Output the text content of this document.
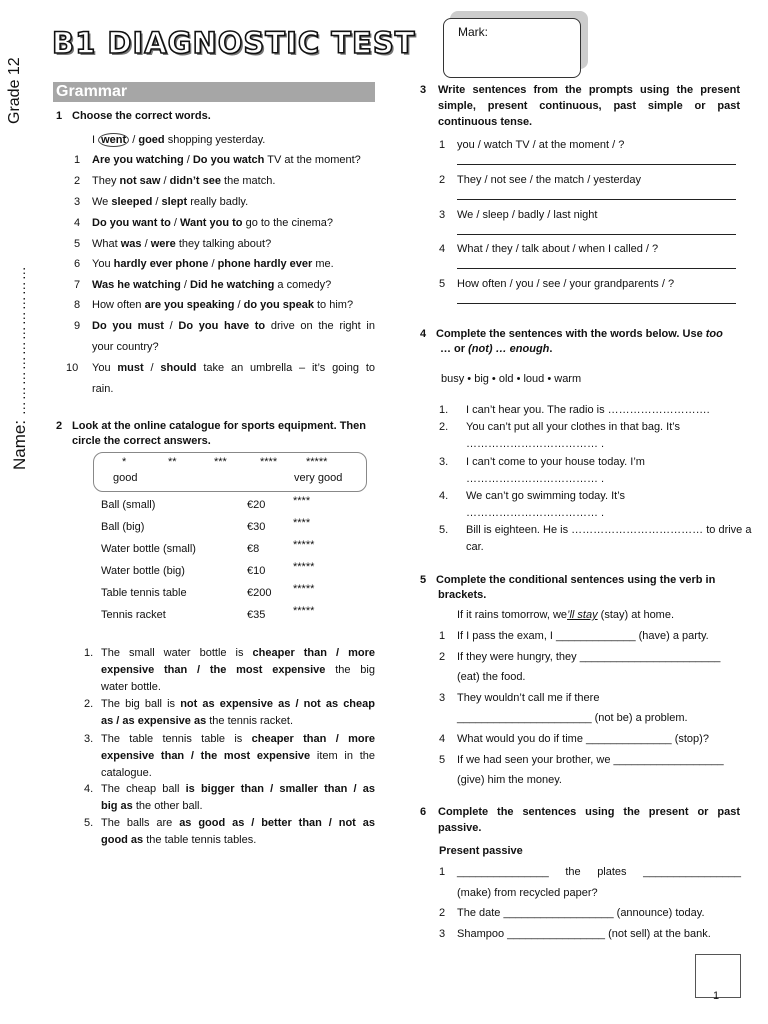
B1 DIAGNOSTIC TEST
Grade 12
Name: …………………………
Mark:
Grammar
1 Choose the correct words.
I went / goed shopping yesterday.
1 Are you watching / Do you watch TV at the moment?
2 They not saw / didn’t see the match.
3 We sleeped / slept really badly.
4 Do you want to / Want you to go to the cinema?
5 What was / were they talking about?
6 You hardly ever phone / phone hardly ever me.
7 Was he watching / Did he watching a comedy?
8 How often are you speaking / do you speak to him?
9 Do you must / Do you have to drive on the right in
your country?
10 You must / should take an umbrella – it’s going to
rain.
2 Look at the online catalogue for sports equipment. Then
circle the correct answers.
*	**	***	****	*****
good	very good
Ball (small)	€20	****
Ball (big)	€30	****
Water bottle (small)	€8	*****
Water bottle (big)	€10	*****
Table tennis table	€200 *****
Tennis racket	€35	*****
1. The small water bottle is cheaper than / more
expensive than / the most expensive the big
water bottle.
2. The big ball is not as expensive as / not as cheap
as / as expensive as the tennis racket.
3. The table tennis table is cheaper than / more
expensive than / the most expensive item in the
catalogue.
4. The cheap ball is bigger than / smaller than / as
big as the other ball.
5. The balls are as good as / better than / not as
good as the table tennis tables.
3 Write sentences from the prompts using the present
simple, present continuous, past simple or past
continuous tense.
1 you / watch TV / at the moment / ?
2 They / not see / the match / yesterday
3 We / sleep / badly / last night
4 What / they / talk about / when I called / ?
5 How often / you / see / your grandparents / ?
4 Complete the sentences with the words below. Use too
… or (not) … enough.
busy • big • old • loud • warm
1. I can’t hear you. The radio is ……………………….
2. You can’t put all your clothes in that bag. It’s
……………………………… .
3. I can’t come to your house today. I’m
……………………………… .
4. We can’t go swimming today. It’s
……………………………… .
5. Bill is eighteen. He is ……………………………… to drive a
car.
5 Complete the conditional sentences using the verb in
brackets.
If it rains tomorrow, we’ll stay (stay) at home.
1 If I pass the exam, I _____________ (have) a party.
2 If they were hungry, they _______________________
(eat) the food.
3 They wouldn’t call me if there
______________________ (not be) a problem.
4 What would you do if time ______________ (stop)?
5 If we had seen your brother, we __________________
(give) him the money.
6 Complete the sentences using the present or past
passive.
Present passive
1 _______________ the plates ________________
(make) from recycled paper?
2 The date __________________ (announce) today.
3 Shampoo ________________ (not sell) at the bank.
1
